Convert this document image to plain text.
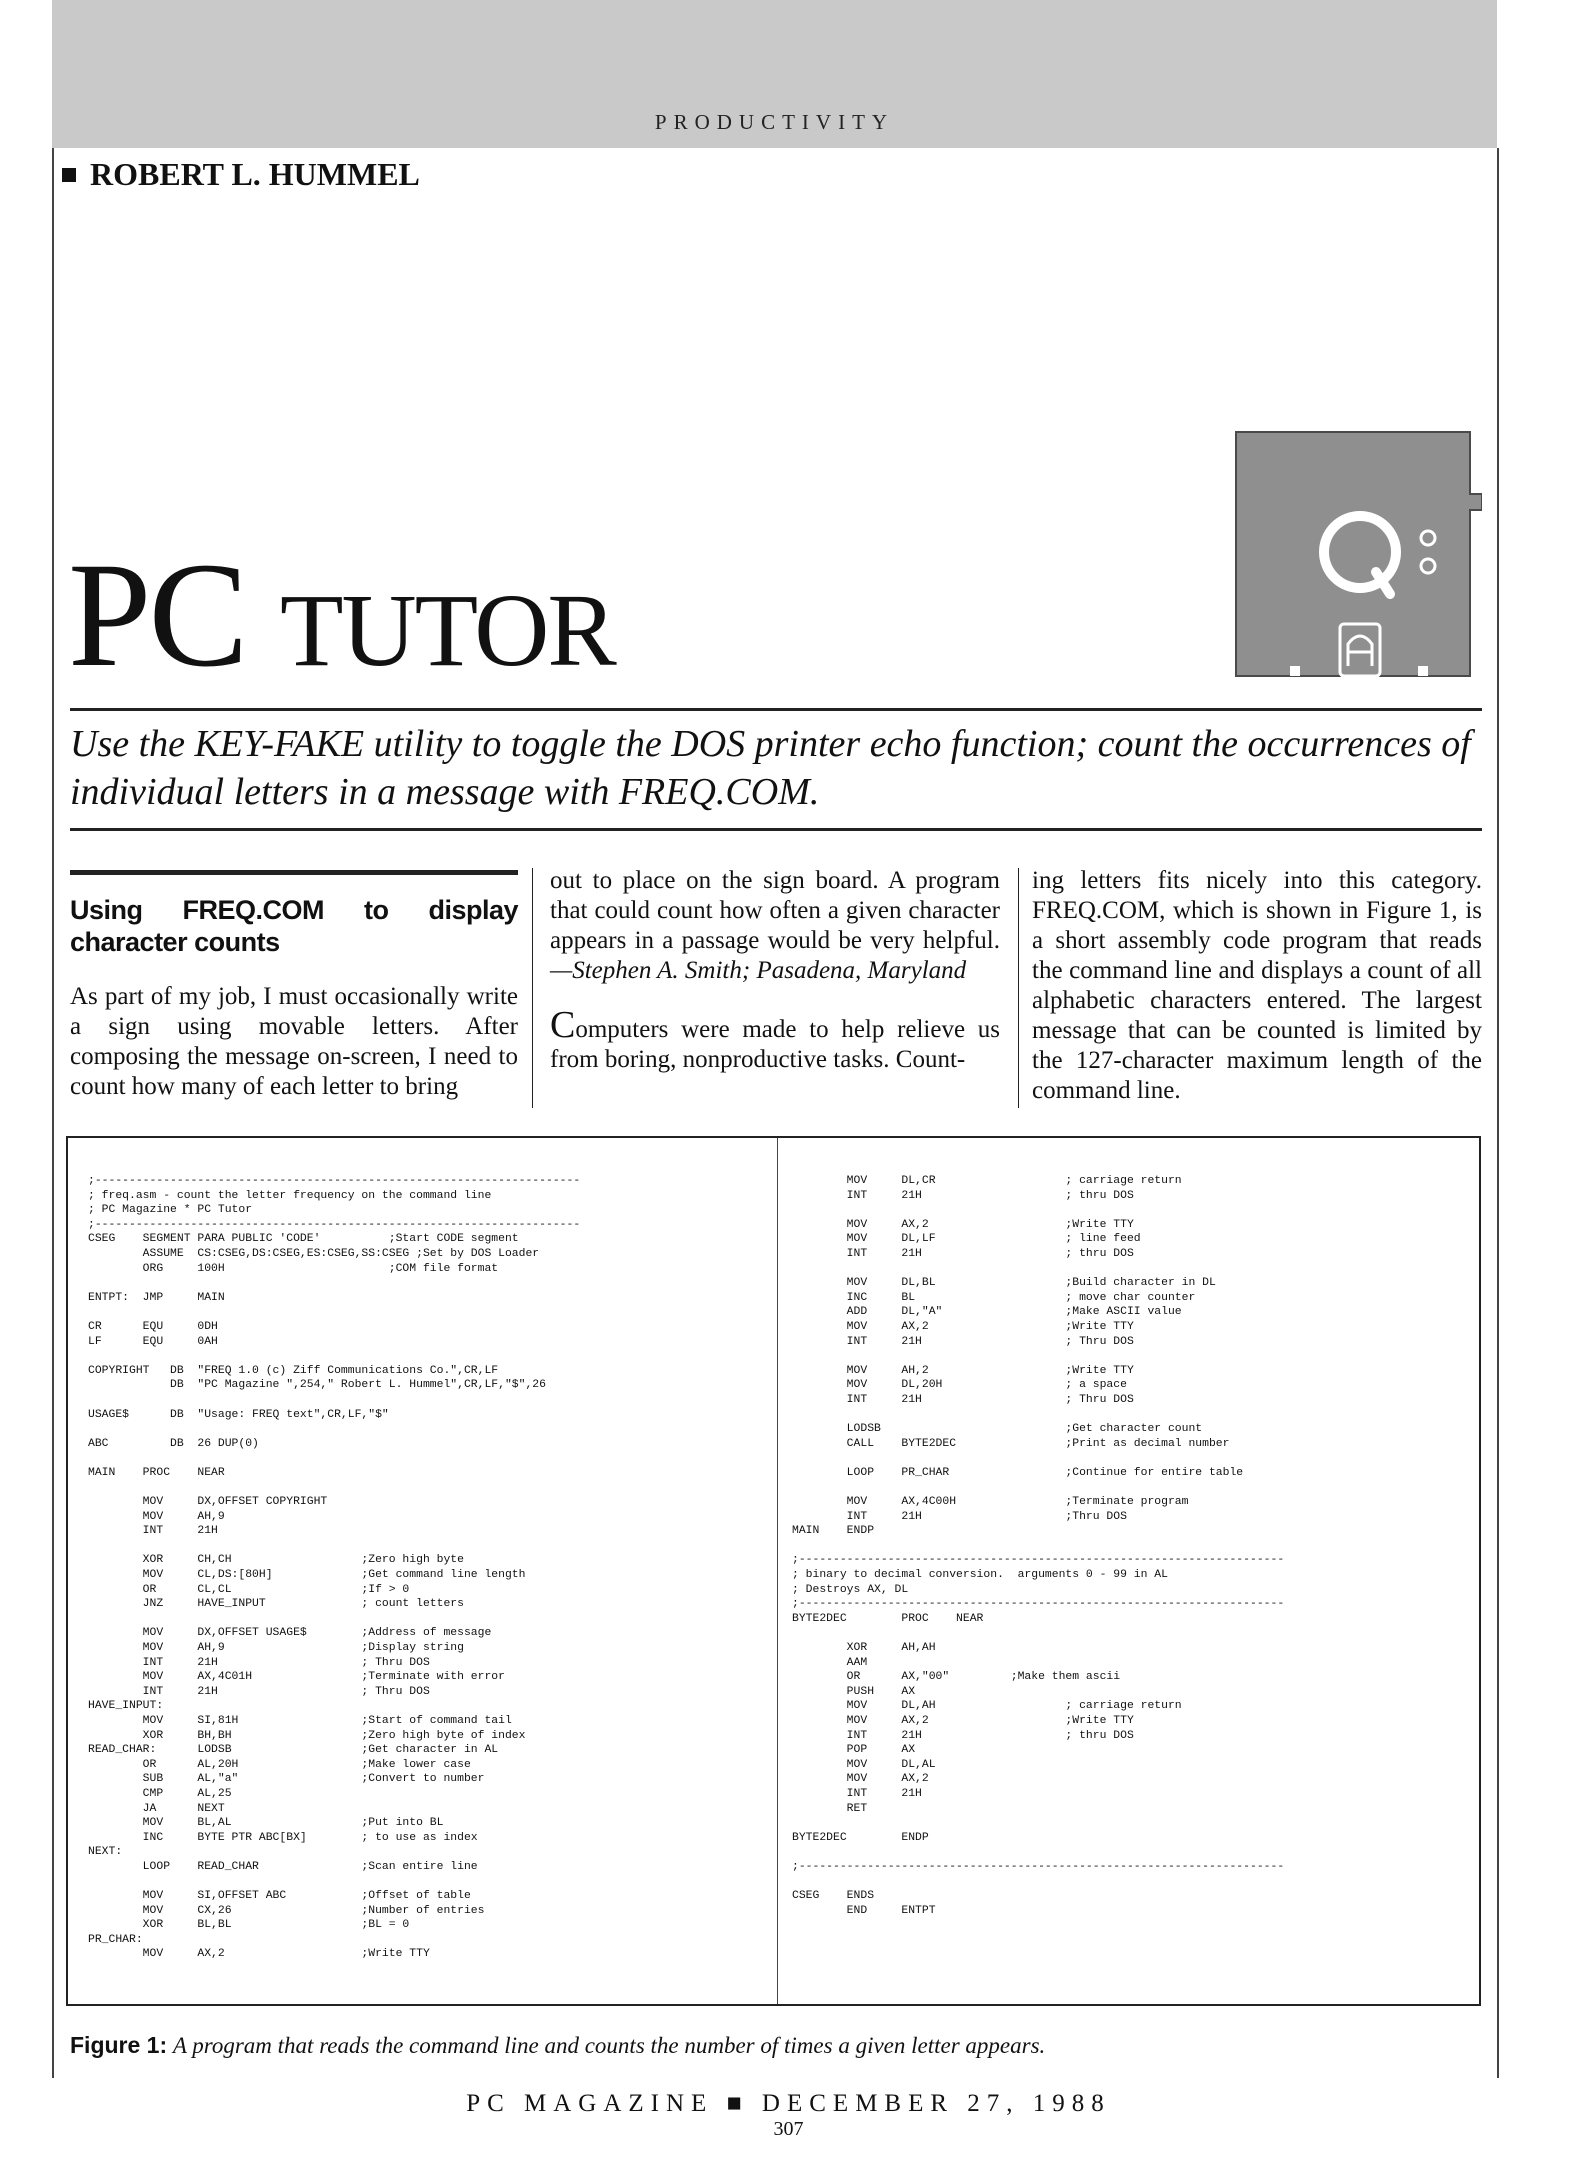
PRODUCTIVITY
ROBERT L. HUMMEL
PC TUTOR
Use the KEY-FAKE utility to toggle the DOS printer echo function; count the occurrences of individual letters in a message with FREQ.COM.
Using FREQ.COM to display character counts

As part of my job, I must occasionally write a sign using movable letters. After composing the message on-screen, I need to count how many of each letter to bring

out to place on the sign board. A program that could count how often a given character appears in a passage would be very helpful. —Stephen A. Smith; Pasadena, Maryland

Computers were made to help relieve us from boring, nonproductive tasks. Count-

ing letters fits nicely into this category. FREQ.COM, which is shown in Figure 1, is a short assembly code program that reads the command line and displays a count of all alphabetic characters entered. The largest message that can be counted is limited by the 127-character maximum length of the command line.

;-----------------------------------------------------------------------
; freq.asm - count the letter frequency on the command line
; PC Magazine * PC Tutor
;-----------------------------------------------------------------------
CSEG    SEGMENT PARA PUBLIC 'CODE'          ;Start CODE segment
ASSUME  CS:CSEG,DS:CSEG,ES:CSEG,SS:CSEG ;Set by DOS Loader
ORG     100H                        ;COM file format

ENTPT:  JMP     MAIN

CR      EQU     0DH
LF      EQU     0AH

COPYRIGHT   DB  "FREQ 1.0 (c) Ziff Communications Co.",CR,LF
DB  "PC Magazine ",254," Robert L. Hummel",CR,LF,"$",26

USAGE$      DB  "Usage: FREQ text",CR,LF,"$"

ABC         DB  26 DUP(0)

MAIN    PROC    NEAR

MOV     DX,OFFSET COPYRIGHT
MOV     AH,9
INT     21H

XOR     CH,CH                   ;Zero high byte
MOV     CL,DS:[80H]             ;Get command line length
OR      CL,CL                   ;If > 0
JNZ     HAVE_INPUT              ; count letters

MOV     DX,OFFSET USAGE$        ;Address of message
MOV     AH,9                    ;Display string
INT     21H                     ; Thru DOS
MOV     AX,4C01H                ;Terminate with error
INT     21H                     ; Thru DOS
HAVE_INPUT:
MOV     SI,81H                  ;Start of command tail
XOR     BH,BH                   ;Zero high byte of index
READ_CHAR:      LODSB                   ;Get character in AL
OR      AL,20H                  ;Make lower case
SUB     AL,"a"                  ;Convert to number
CMP     AL,25
JA      NEXT
MOV     BL,AL                   ;Put into BL
INC     BYTE PTR ABC[BX]        ; to use as index
NEXT:
LOOP    READ_CHAR               ;Scan entire line

MOV     SI,OFFSET ABC           ;Offset of table
MOV     CX,26                   ;Number of entries
XOR     BL,BL                   ;BL = 0
PR_CHAR:
MOV     AX,2                    ;Write TTY
MOV     DL,CR                   ; carriage return
INT     21H                     ; thru DOS

MOV     AX,2                    ;Write TTY
MOV     DL,LF                   ; line feed
INT     21H                     ; thru DOS

MOV     DL,BL                   ;Build character in DL
INC     BL                      ; move char counter
ADD     DL,"A"                  ;Make ASCII value
MOV     AX,2                    ;Write TTY
INT     21H                     ; Thru DOS

MOV     AH,2                    ;Write TTY
MOV     DL,20H                  ; a space
INT     21H                     ; Thru DOS

LODSB                           ;Get character count
CALL    BYTE2DEC                ;Print as decimal number

LOOP    PR_CHAR                 ;Continue for entire table

MOV     AX,4C00H                ;Terminate program
INT     21H                     ;Thru DOS
MAIN    ENDP

;-----------------------------------------------------------------------
; binary to decimal conversion.  arguments 0 - 99 in AL
; Destroys AX, DL
;-----------------------------------------------------------------------
BYTE2DEC        PROC    NEAR

XOR     AH,AH
AAM
OR      AX,"00"         ;Make them ascii
PUSH    AX
MOV     DL,AH                   ; carriage return
MOV     AX,2                    ;Write TTY
INT     21H                     ; thru DOS
POP     AX
MOV     DL,AL
MOV     AX,2
INT     21H
RET

BYTE2DEC        ENDP

;-----------------------------------------------------------------------

CSEG    ENDS
END     ENTPT
Figure 1: A program that reads the command line and counts the number of times a given letter appears.
PC MAGAZINE ■ DECEMBER 27, 1988
307
